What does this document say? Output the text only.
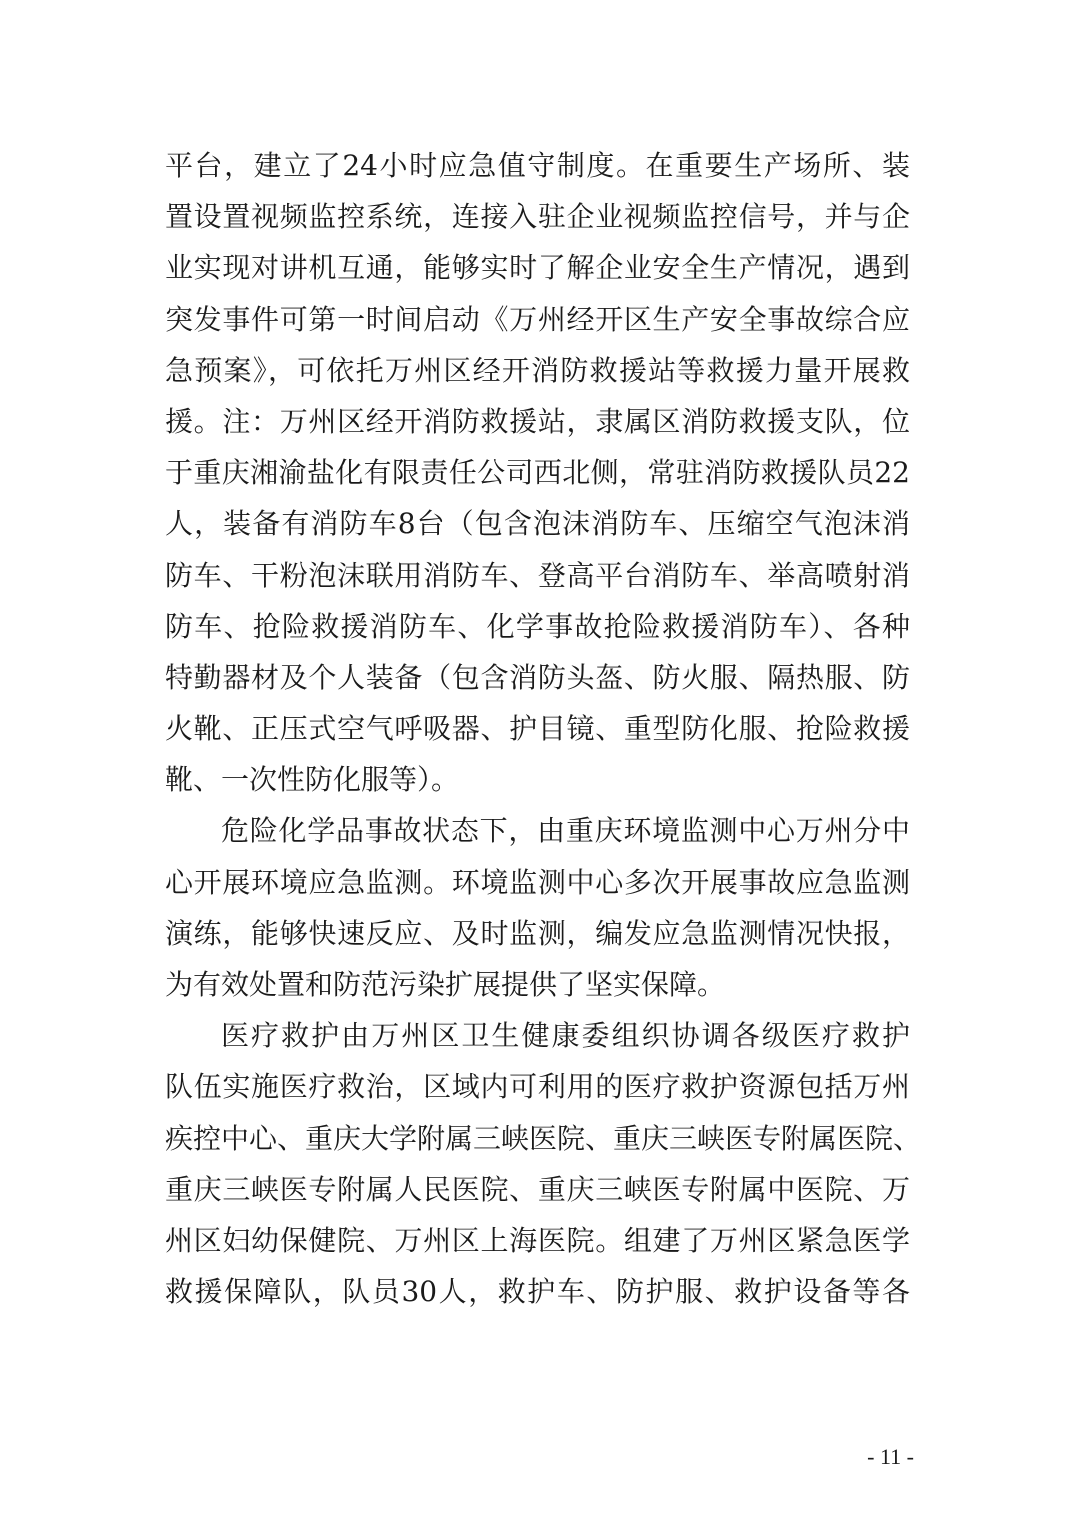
平台，建立了24小时应急值守制度。在重要生产场所、装
置设置视频监控系统，连接入驻企业视频监控信号，并与企
业实现对讲机互通，能够实时了解企业安全生产情况，遇到
突发事件可第一时间启动《万州经开区生产安全事故综合应
急预案》，可依托万州区经开消防救援站等救援力量开展救
援。注：万州区经开消防救援站，隶属区消防救援支队，位
于重庆湘渝盐化有限责任公司西北侧，常驻消防救援队员22
人，装备有消防车8台（包含泡沫消防车、压缩空气泡沫消
防车、干粉泡沫联用消防车、登高平台消防车、举高喷射消
防车、抢险救援消防车、化学事故抢险救援消防车）、各种
特勤器材及个人装备（包含消防头盔、防火服、隔热服、防
火靴、正压式空气呼吸器、护目镜、重型防化服、抢险救援
靴、一次性防化服等）。
危险化学品事故状态下，由重庆环境监测中心万州分中
心开展环境应急监测。环境监测中心多次开展事故应急监测
演练，能够快速反应、及时监测，编发应急监测情况快报，
为有效处置和防范污染扩展提供了坚实保障。
医疗救护由万州区卫生健康委组织协调各级医疗救护
队伍实施医疗救治，区域内可利用的医疗救护资源包括万州
疾控中心、重庆大学附属三峡医院、重庆三峡医专附属医院、
重庆三峡医专附属人民医院、重庆三峡医专附属中医院、万
州区妇幼保健院、万州区上海医院。组建了万州区紧急医学
救援保障队，队员30人，救护车、防护服、救护设备等各
- 11 -
